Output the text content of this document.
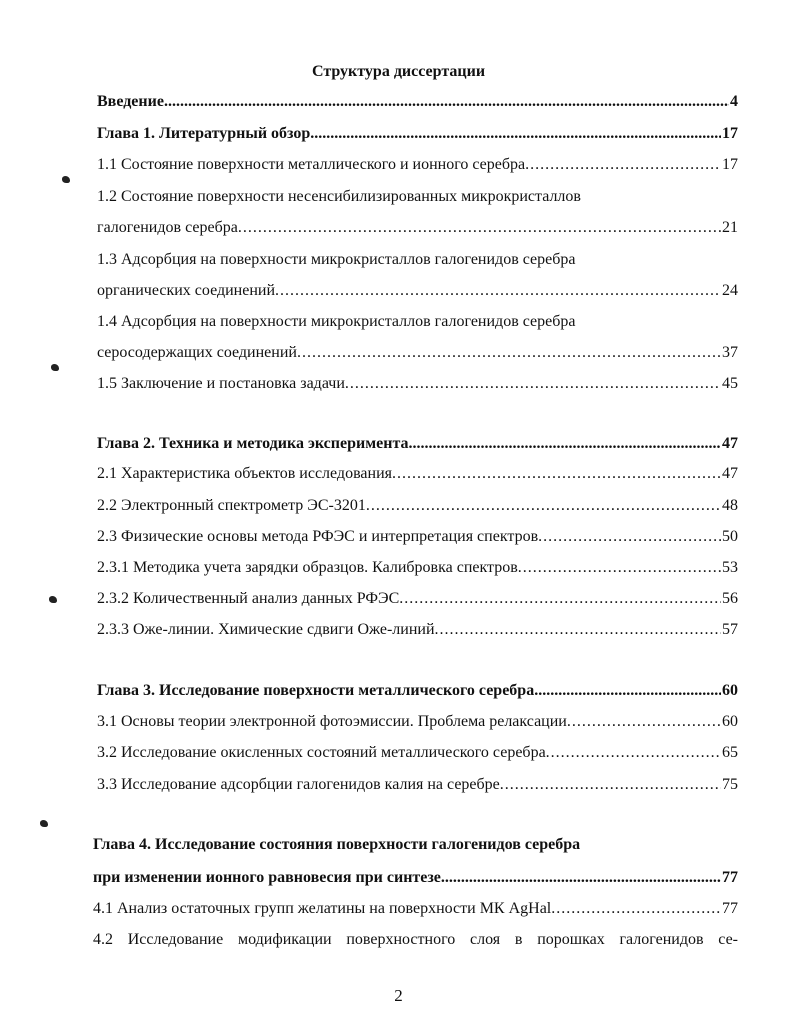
Структура диссертации
Введение .....	4
Глава 1. Литературный обзор .....	17
1.1 Состояние поверхности металлического и ионного серебра .....	17
1.2 Состояние поверхности несенсибилизированных микрокристаллов
галогенидов серебра .....	21
1.3 Адсорбция на поверхности микрокристаллов галогенидов серебра
органических соединений .....	24
1.4 Адсорбция на поверхности микрокристаллов галогенидов серебра
серосодержащих соединений .....	37
1.5 Заключение и постановка задачи .....	45
Глава 2. Техника и методика эксперимента .....	47
2.1 Характеристика объектов исследования .....	47
2.2 Электронный спектрометр ЭС-3201 .....	48
2.3 Физические основы метода РФЭС и интерпретация спектров .....	50
2.3.1 Методика учета зарядки образцов. Калибровка спектров .....	53
2.3.2 Количественный анализ данных РФЭС .....	56
2.3.3 Оже-линии. Химические сдвиги Оже-линий .....	57
Глава 3. Исследование поверхности металлического серебра .....	60
3.1 Основы теории электронной фотоэмиссии. Проблема релаксации .....	60
3.2 Исследование окисленных состояний металлического серебра .....	65
3.3 Исследование адсорбции галогенидов калия на серебре .....	75
Глава 4. Исследование состояния поверхности галогенидов серебра
при изменении ионного равновесия при синтезе .....	77
4.1 Анализ остаточных групп желатины на поверхности МК AgHal .....	77
4.2 Исследование модификации поверхностного слоя в порошках галогенидов се-
2
